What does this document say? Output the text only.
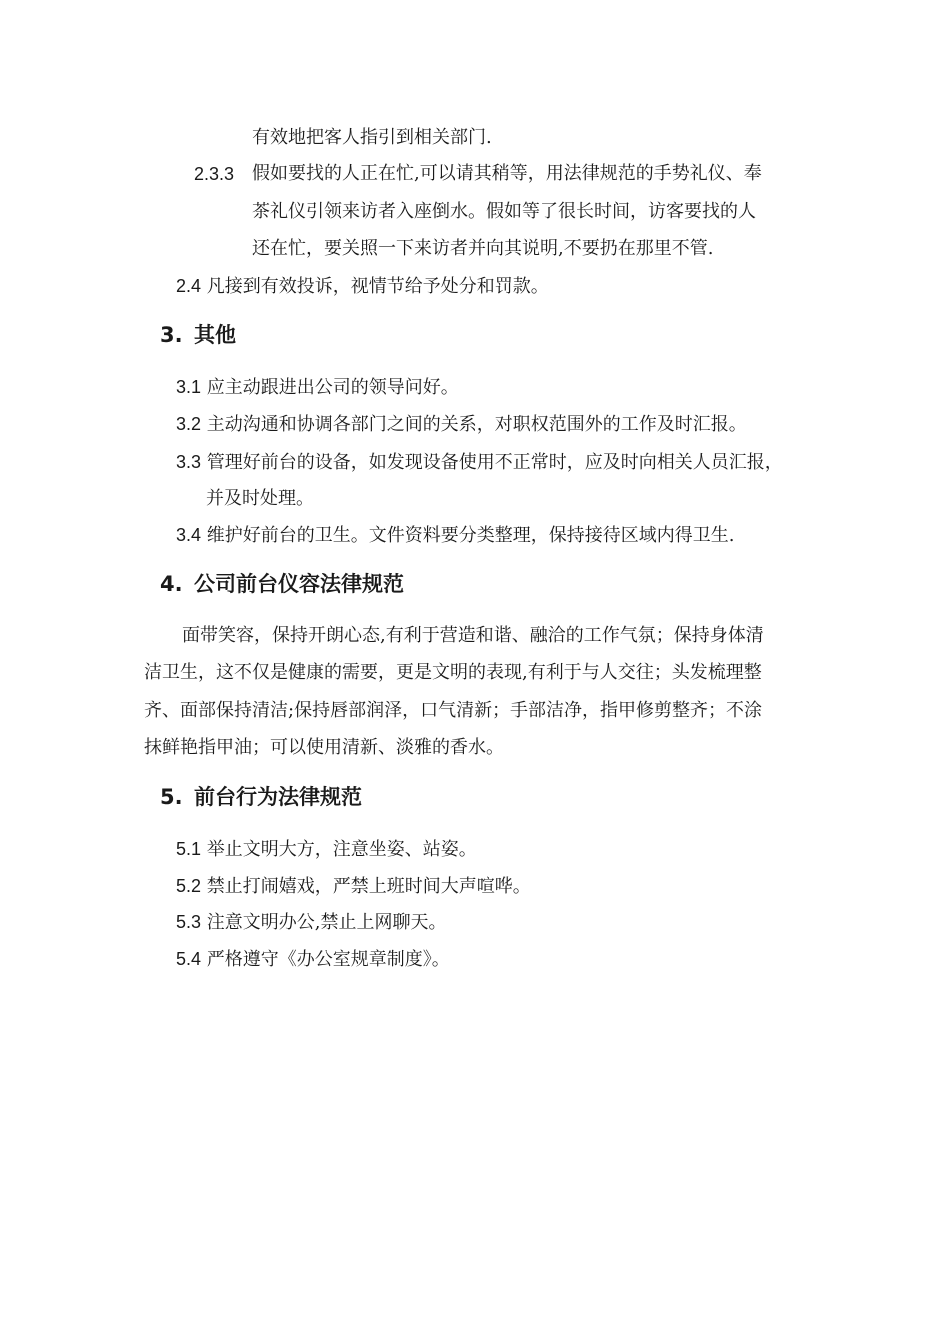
有效地把客人指引到相关部门.
2.3.3 假如要找的人正在忙,可以请其稍等，用法律规范的手势礼仪、奉
茶礼仪引领来访者入座倒水。假如等了很长时间，访客要找的人
还在忙，要关照一下来访者并向其说明,不要扔在那里不管.
2.4 凡接到有效投诉，视情节给予处分和罚款。
3. 其他
3.1 应主动跟进出公司的领导问好。
3.2 主动沟通和协调各部门之间的关系，对职权范围外的工作及时汇报。
3.3 管理好前台的设备，如发现设备使用不正常时，应及时向相关人员汇报，
并及时处理。
3.4 维护好前台的卫生。文件资料要分类整理，保持接待区域内得卫生.
4. 公司前台仪容法律规范
面带笑容，保持开朗心态,有利于营造和谐、融洽的工作气氛；保持身体清
洁卫生，这不仅是健康的需要，更是文明的表现,有利于与人交往；头发梳理整
齐、面部保持清洁;保持唇部润泽，口气清新；手部洁净，指甲修剪整齐；不涂
抹鲜艳指甲油；可以使用清新、淡雅的香水。
5. 前台行为法律规范
5.1 举止文明大方，注意坐姿、站姿。
5.2 禁止打闹嬉戏，严禁上班时间大声喧哗。
5.3 注意文明办公,禁止上网聊天。
5.4 严格遵守《办公室规章制度》。
